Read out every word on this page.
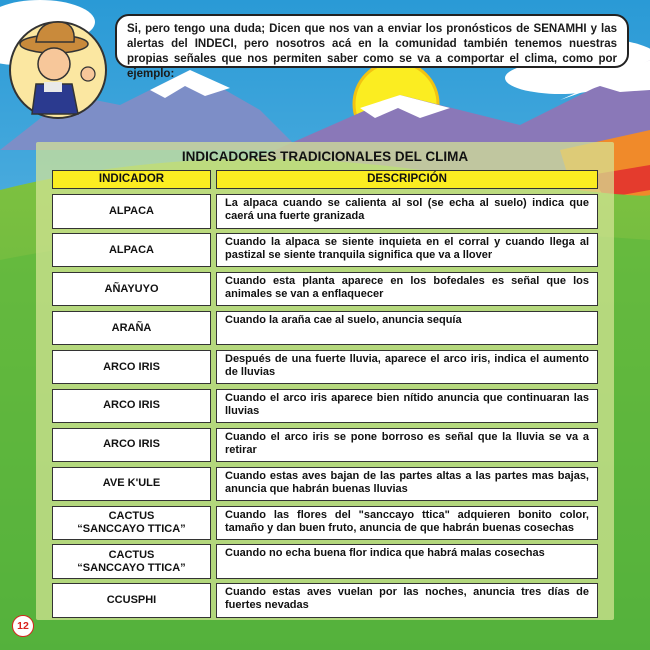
Si, pero tengo una duda; Dicen que nos van a enviar los pronósticos de SENAMHI y las alertas del INDECI, pero nosotros acá en la comunidad también tenemos nuestras propias señales que nos permiten saber como se va a comportar el clima, como por ejemplo:
INDICADORES TRADICIONALES DEL CLIMA
INDICADOR	DESCRIPCIÓN
ALPACA
La alpaca cuando se calienta al sol (se echa al suelo) indica que caerá una fuerte granizada
ALPACA
Cuando la alpaca se siente inquieta en el corral y cuando llega al pastizal se siente tranquila significa que va a llover
AÑAYUYO
Cuando esta planta aparece en los bofedales es señal que los animales se van a enflaquecer
ARAÑA
Cuando la araña cae al suelo, anuncia sequía
ARCO IRIS
Después de una fuerte lluvia, aparece el arco iris, indica el aumento de lluvias
ARCO IRIS
Cuando el arco iris aparece bien nítido anuncia que continuaran las lluvias
ARCO IRIS
Cuando el arco iris se pone borroso es señal que la lluvia se va a retirar
AVE K'ULE
Cuando estas aves bajan de las partes altas a las partes mas bajas, anuncia que habrán buenas lluvias
CACTUS
“SANCCAYO TTICA”
Cuando las flores del "sanccayo ttica" adquieren bonito color, tamaño y dan buen fruto, anuncia de que habrán buenas cosechas
CACTUS
“SANCCAYO TTICA”
Cuando no echa buena flor indica que habrá malas cosechas
CCUSPHI
Cuando estas aves vuelan por las noches, anuncia tres días de fuertes nevadas
12
